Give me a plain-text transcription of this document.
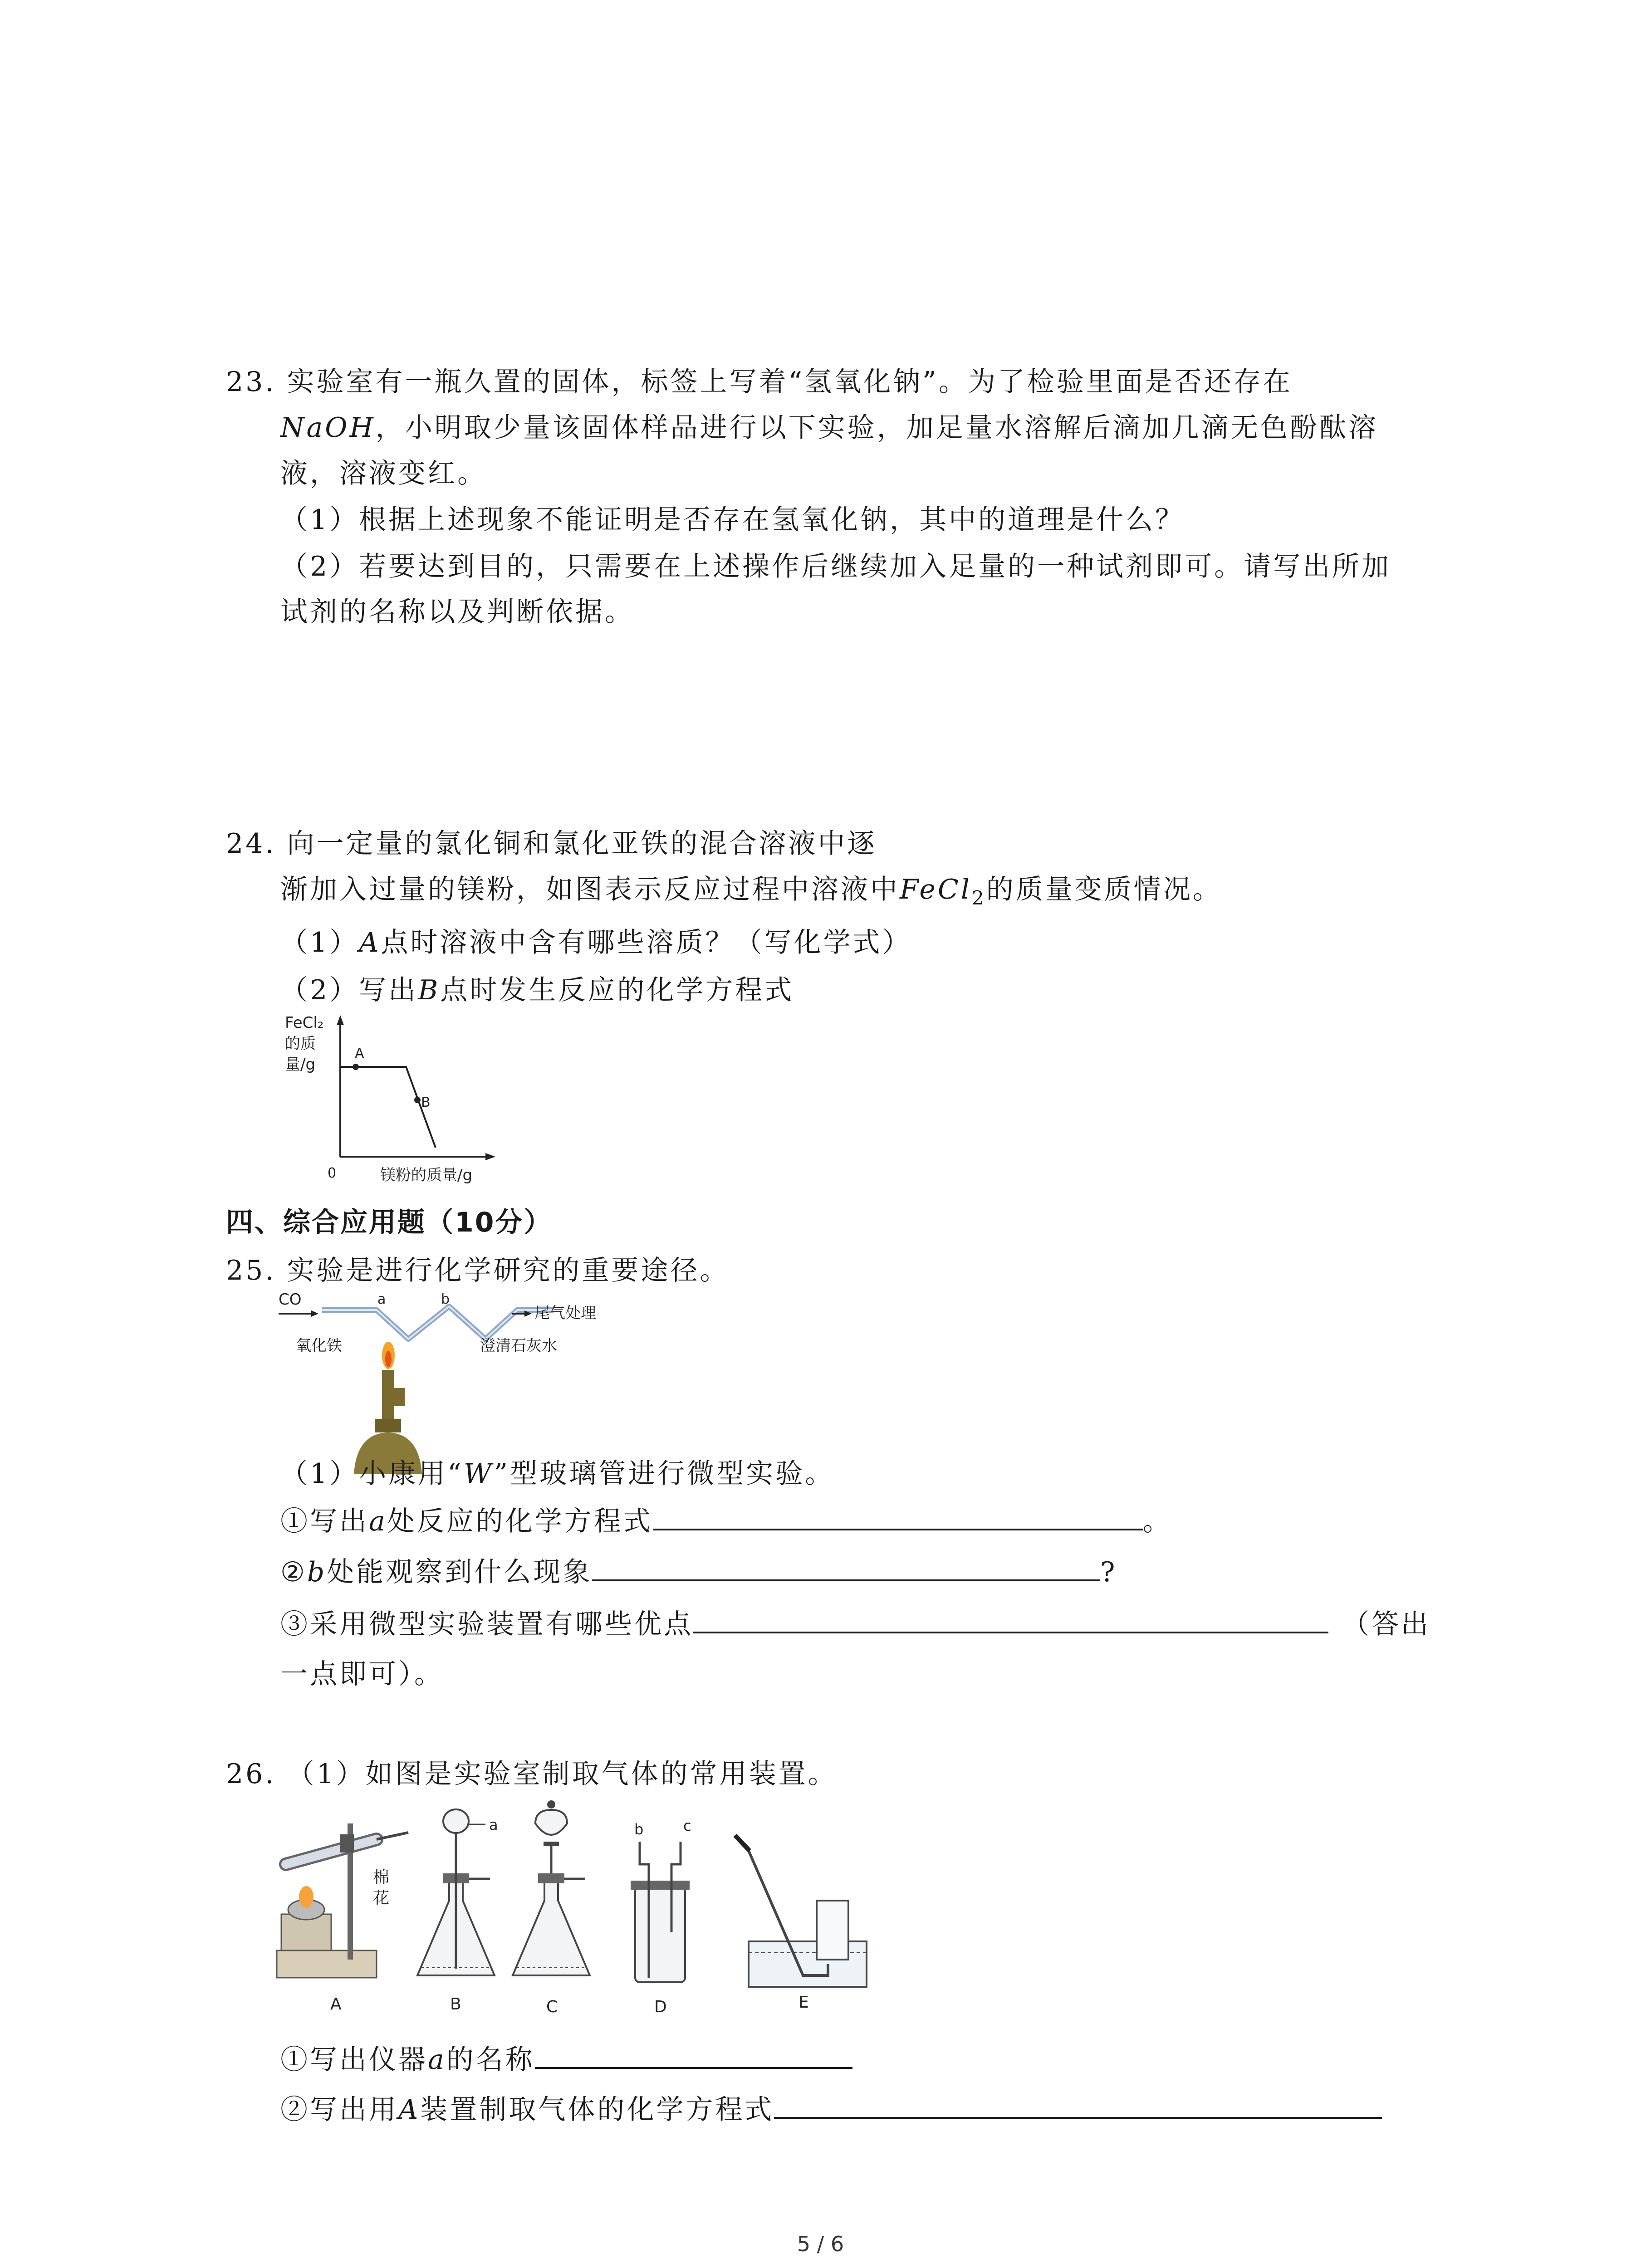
23. 实验室有一瓶久置的固体，标签上写着“氢氧化钠”。为了检验里面是否还存在
NaOH，小明取少量该固体样品进行以下实验，加足量水溶解后滴加几滴无色酚酞溶
液，溶液变红。
（1）根据上述现象不能证明是否存在氢氧化钠，其中的道理是什么？
（2）若要达到目的，只需要在上述操作后继续加入足量的一种试剂即可。请写出所加
试剂的名称以及判断依据。
24. 向一定量的氯化铜和氯化亚铁的混合溶液中逐
渐加入过量的镁粉，如图表示反应过程中溶液中FeCl$_2$的质量变质情况。
（1）A点时溶液中含有哪些溶质？（写化学式）
（2）写出B点时发生反应的化学方程式
FeCl₂
的质
量/g
A
B
0	镁粉的质量/g
四、综合应用题（10分）
25. 实验是进行化学研究的重要途径。
CO	a	b
尾气处理
氧化铁	澄清石灰水
（1）小康用“W”型玻璃管进行微型实验。
①写出a处反应的化学方程式	。
②b处能观察到什么现象	?
③采用微型实验装置有哪些优点	（答出
一点即可）。
26. （1）如图是实验室制取气体的常用装置。
棉
花
A
a
B	C
b	c
D	E
①写出仪器a的名称
②写出用A装置制取气体的化学方程式
5 / 6
